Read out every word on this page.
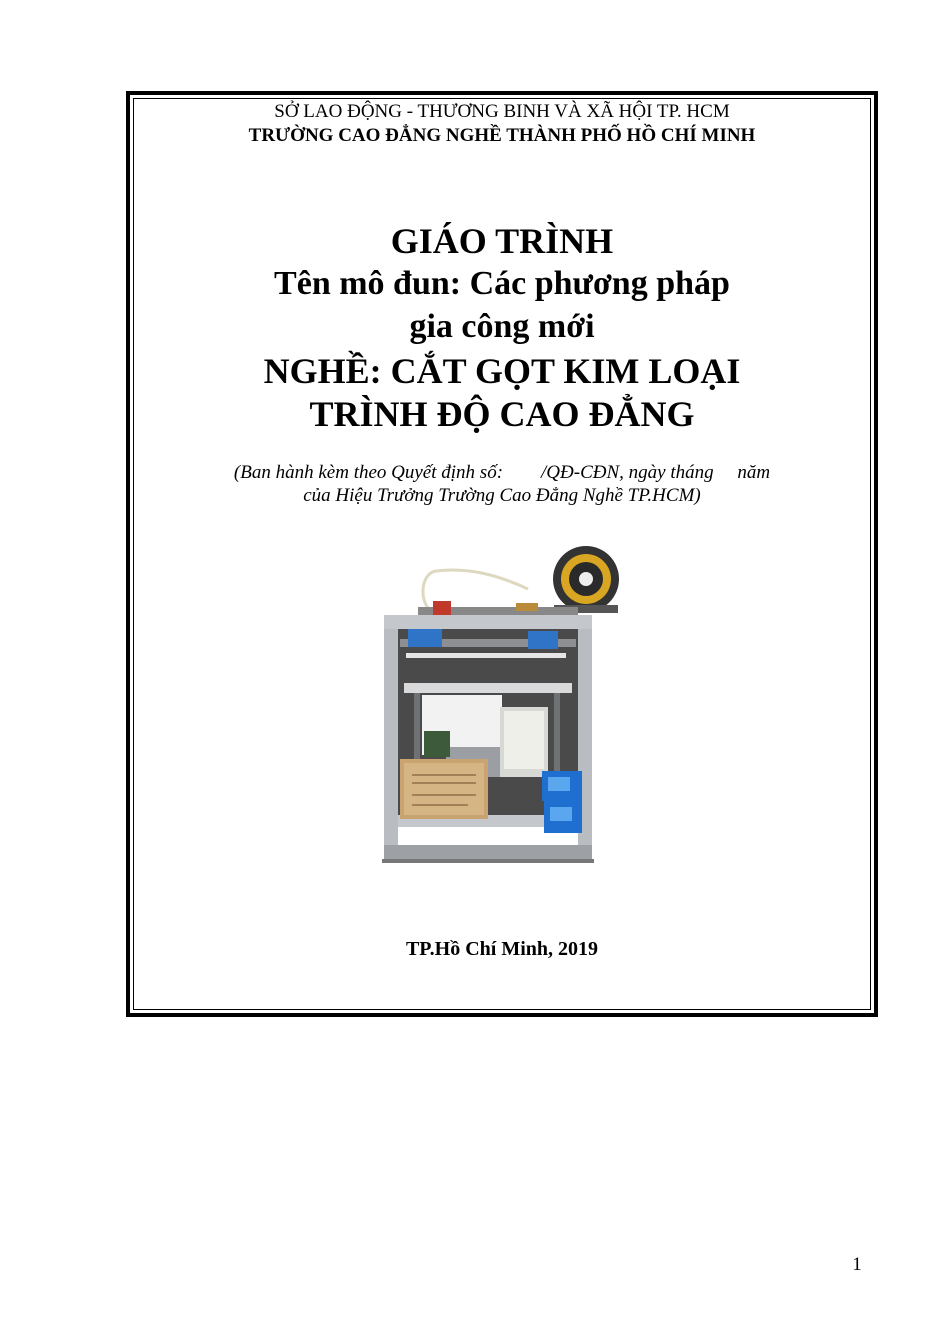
SỞ LAO ĐỘNG - THƯƠNG BINH VÀ XÃ HỘI TP. HCM
TRƯỜNG CAO ĐẲNG NGHỀ THÀNH PHỐ HỒ CHÍ MINH
GIÁO TRÌNH
Tên mô đun: Các phương pháp
gia công mới
NGHỀ: CẮT GỌT KIM LOẠI
TRÌNH ĐỘ CAO ĐẲNG
(Ban hành kèm theo Quyết định số:        /QĐ-CĐN, ngày tháng     năm
của Hiệu Trưởng Trường Cao Đẳng Nghề TP.HCM)
TP.Hồ Chí Minh, 2019
1
